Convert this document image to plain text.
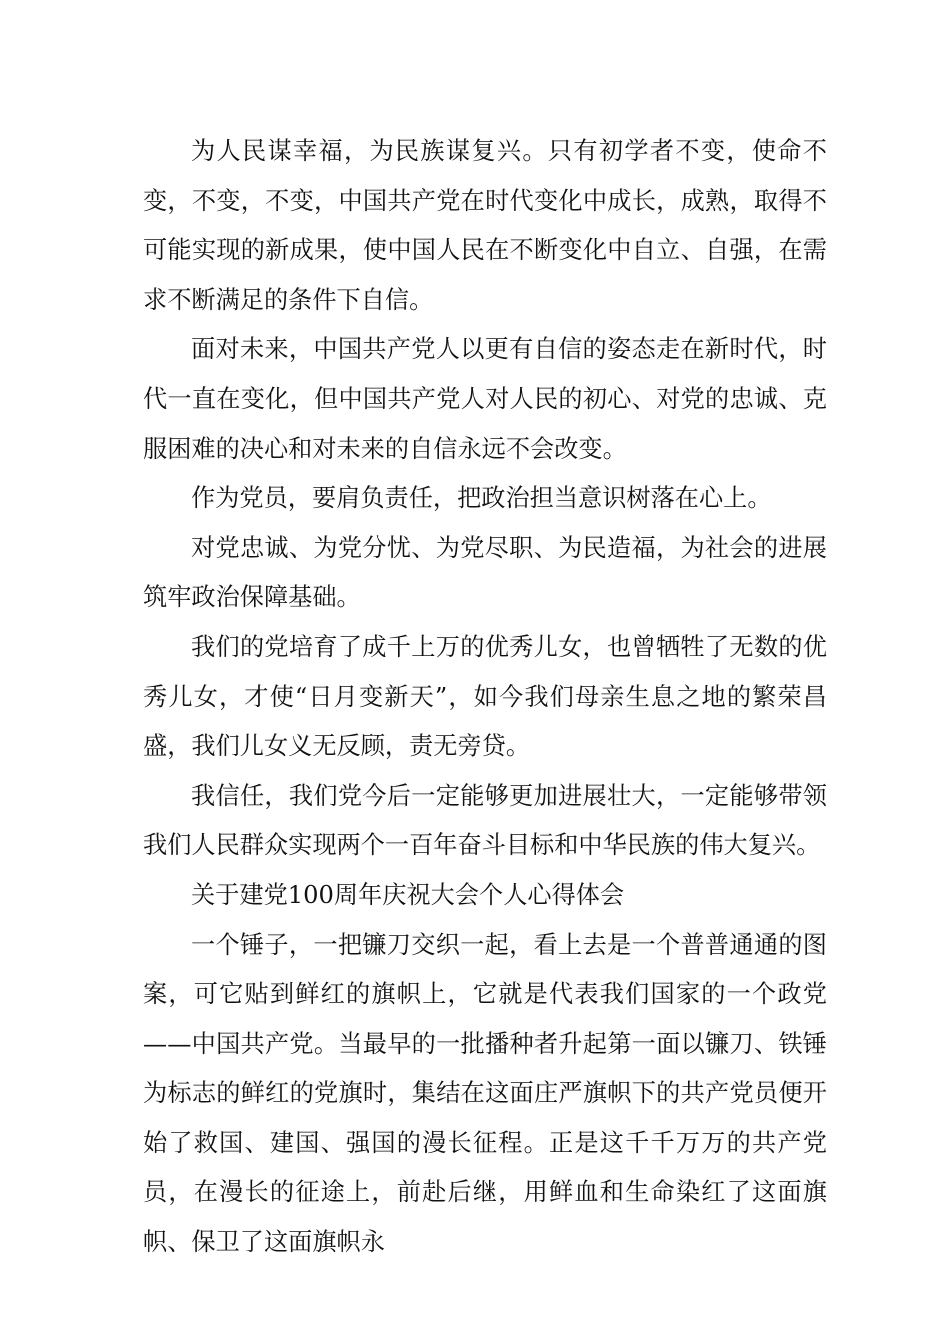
为人民谋幸福，为民族谋复兴。只有初学者不变，使命不变，不变，不变，中国共产党在时代变化中成长，成熟，取得不可能实现的新成果，使中国人民在不断变化中自立、自强，在需求不断满足的条件下自信。

面对未来，中国共产党人以更有自信的姿态走在新时代，时代一直在变化，但中国共产党人对人民的初心、对党的忠诚、克服困难的决心和对未来的自信永远不会改变。

作为党员，要肩负责任，把政治担当意识树落在心上。

对党忠诚、为党分忧、为党尽职、为民造福，为社会的进展筑牢政治保障基础。

我们的党培育了成千上万的优秀儿女，也曾牺牲了无数的优秀儿女，才使“日月变新天”，如今我们母亲生息之地的繁荣昌盛，我们儿女义无反顾，责无旁贷。

我信任，我们党今后一定能够更加进展壮大，一定能够带领我们人民群众实现两个一百年奋斗目标和中华民族的伟大复兴。

关于建党100周年庆祝大会个人心得体会

一个锤子，一把镰刀交织一起，看上去是一个普普通通的图案，可它贴到鲜红的旗帜上，它就是代表我们国家的一个政党——中国共产党。当最早的一批播种者升起第一面以镰刀、铁锤为标志的鲜红的党旗时，集结在这面庄严旗帜下的共产党员便开始了救国、建国、强国的漫长征程。正是这千千万万的共产党员，在漫长的征途上，前赴后继，用鲜血和生命染红了这面旗帜、保卫了这面旗帜永
